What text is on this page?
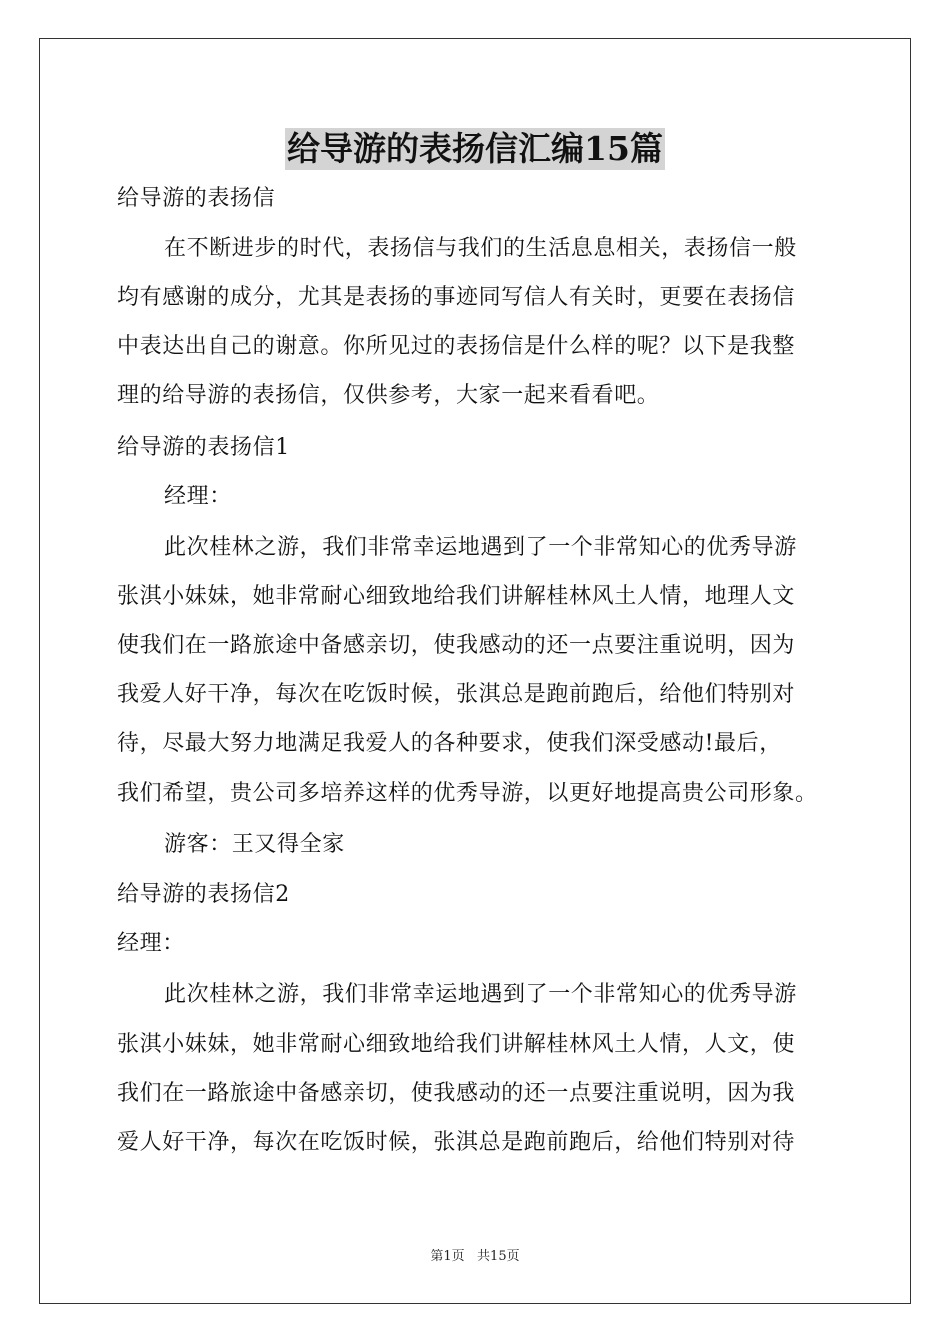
给导游的表扬信汇编15篇
给导游的表扬信
在不断进步的时代，表扬信与我们的生活息息相关，表扬信一般
均有感谢的成分，尤其是表扬的事迹同写信人有关时，更要在表扬信
中表达出自己的谢意。你所见过的表扬信是什么样的呢？以下是我整
理的给导游的表扬信，仅供参考，大家一起来看看吧。
给导游的表扬信1
经理：
此次桂林之游，我们非常幸运地遇到了一个非常知心的优秀导游
张淇小妹妹，她非常耐心细致地给我们讲解桂林风土人情，地理人文
使我们在一路旅途中备感亲切，使我感动的还一点要注重说明，因为
我爱人好干净，每次在吃饭时候，张淇总是跑前跑后，给他们特别对
待，尽最大努力地满足我爱人的各种要求，使我们深受感动!最后，
我们希望，贵公司多培养这样的优秀导游，以更好地提高贵公司形象。
游客：王又得全家
给导游的表扬信2
经理：
此次桂林之游，我们非常幸运地遇到了一个非常知心的优秀导游
张淇小妹妹，她非常耐心细致地给我们讲解桂林风土人情，人文，使
我们在一路旅途中备感亲切，使我感动的还一点要注重说明，因为我
爱人好干净，每次在吃饭时候，张淇总是跑前跑后，给他们特别对待
第1页   共15页
